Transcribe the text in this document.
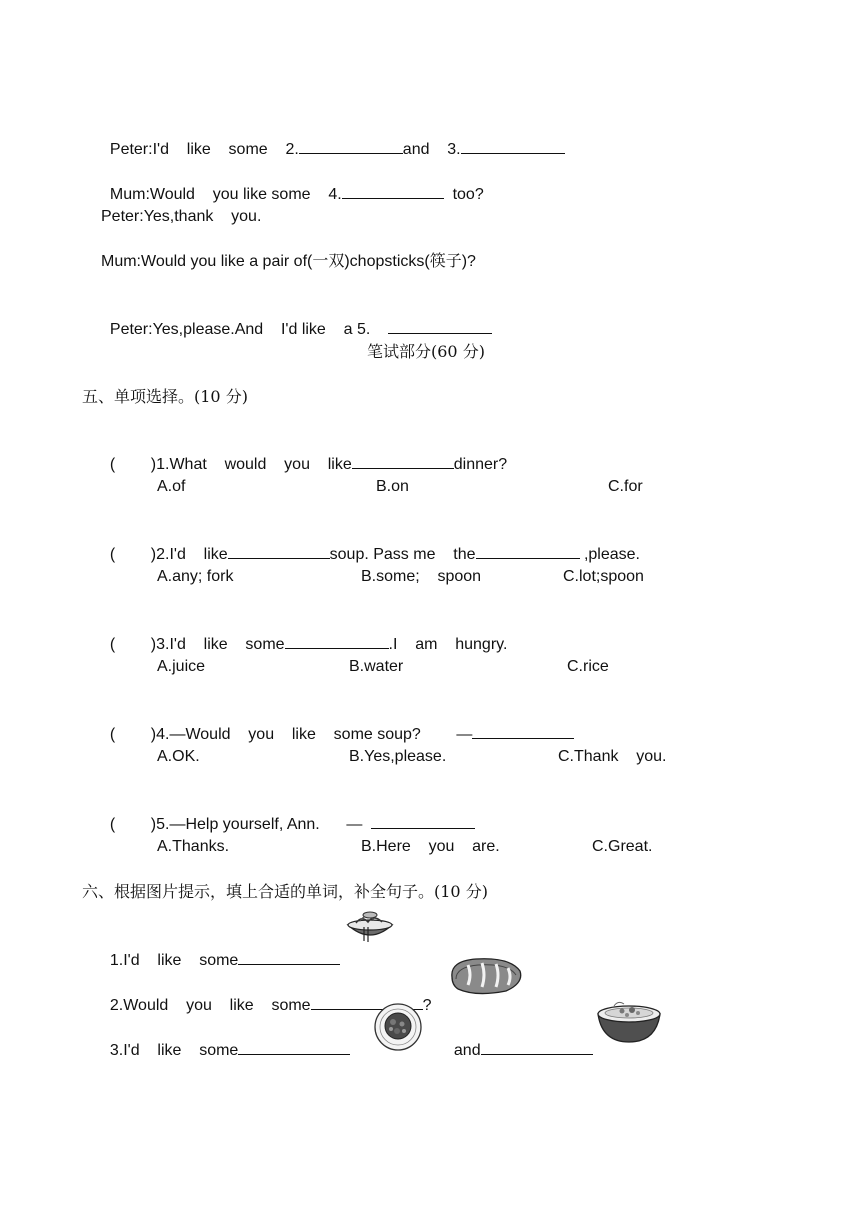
Peter:I'd    like    some    2.	and    3.

Mum:Would    you like some    4.	too?

Peter:Yes,thank    you.
Mum:Would you like a pair of(一双)chopsticks(筷子)?

Peter:Yes,please.And    I'd like    a 5.

笔试部分(60 分)
五、单项选择。(10 分)

(        )1.What    would    you    like	dinner?

A.of	B.on	C.for

(        )2.I'd    like	soup. Pass me    the	,please.

A.any; fork	B.some;    spoon	C.lot;spoon

(        )3.I'd    like    some	.I    am    hungry.

A.juice	B.water	C.rice

(        )4.—Would    you    like    some soup?        —

A.OK.	B.Yes,please.	C.Thank    you.

(        )5.—Help yourself, Ann.      —

A.Thanks.	B.Here    you    are.	C.Great.
六、根据图片提示，填上合适的单词，补全句子。(10 分)

1.I'd    like    some

2.Would    you    like    some	?

3.I'd    like    some	and
